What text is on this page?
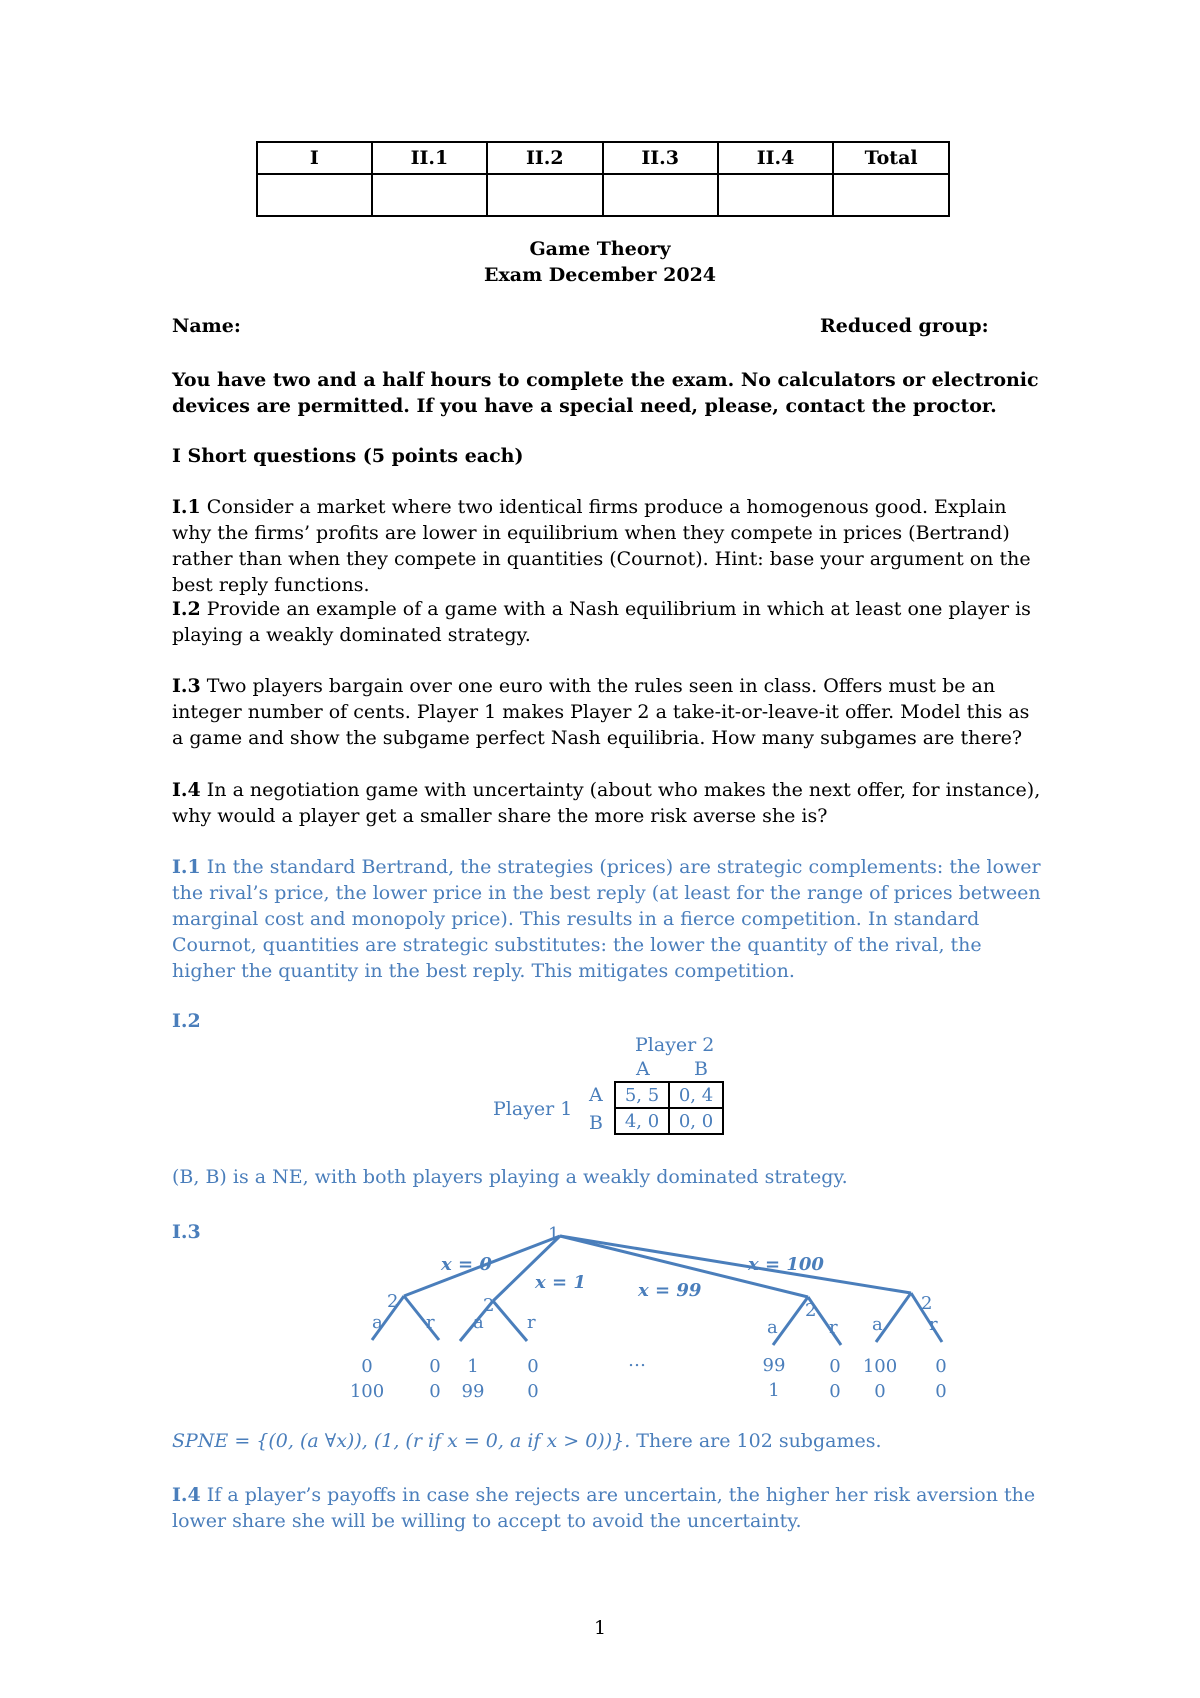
I	II.1	II.2	II.3	II.4	Total

Game Theory
Exam December 2024
Name:	Reduced group:
You have two and a half hours to complete the exam. No calculators or electronic devices are permitted. If you have a special need, please, contact the proctor.
I Short questions (5 points each)
I.1 Consider a market where two identical firms produce a homogenous good. Explain why the firms’ profits are lower in equilibrium when they compete in prices (Bertrand) rather than when they compete in quantities (Cournot). Hint: base your argument on the best reply functions.
I.2 Provide an example of a game with a Nash equilibrium in which at least one player is playing a weakly dominated strategy.
I.3 Two players bargain over one euro with the rules seen in class. Offers must be an integer number of cents. Player 1 makes Player 2 a take-it-or-leave-it offer. Model this as a game and show the subgame perfect Nash equilibria. How many subgames are there?
I.4 In a negotiation game with uncertainty (about who makes the next offer, for instance), why would a player get a smaller share the more risk averse she is?
I.1 In the standard Bertrand, the strategies (prices) are strategic complements: the lower the rival’s price, the lower price in the best reply (at least for the range of prices between marginal cost and monopoly price). This results in a fierce competition. In standard Cournot, quantities are strategic substitutes: the lower the quantity of the rival, the higher the quantity in the best reply. This mitigates competition.
I.2
Player 2
A B
Player 1
A
B
5, 5	0, 4
4, 0	0, 0
(B, B) is a NE, with both players playing a weakly dominated strategy.
I.3	1
2	2	2	2
a r a r	a	r a	r
x = 0
x = 1	x = 99
x = 100
…
0
100
0
0
1
99
0
0
99
1
0
0
100
0
0
0
SPNE = {(0, (a ∀x)), (1, (r if x = 0, a if x > 0))}. There are 102 subgames.
I.4 If a player’s payoffs in case she rejects are uncertain, the higher her risk aversion the lower share she will be willing to accept to avoid the uncertainty.
1
